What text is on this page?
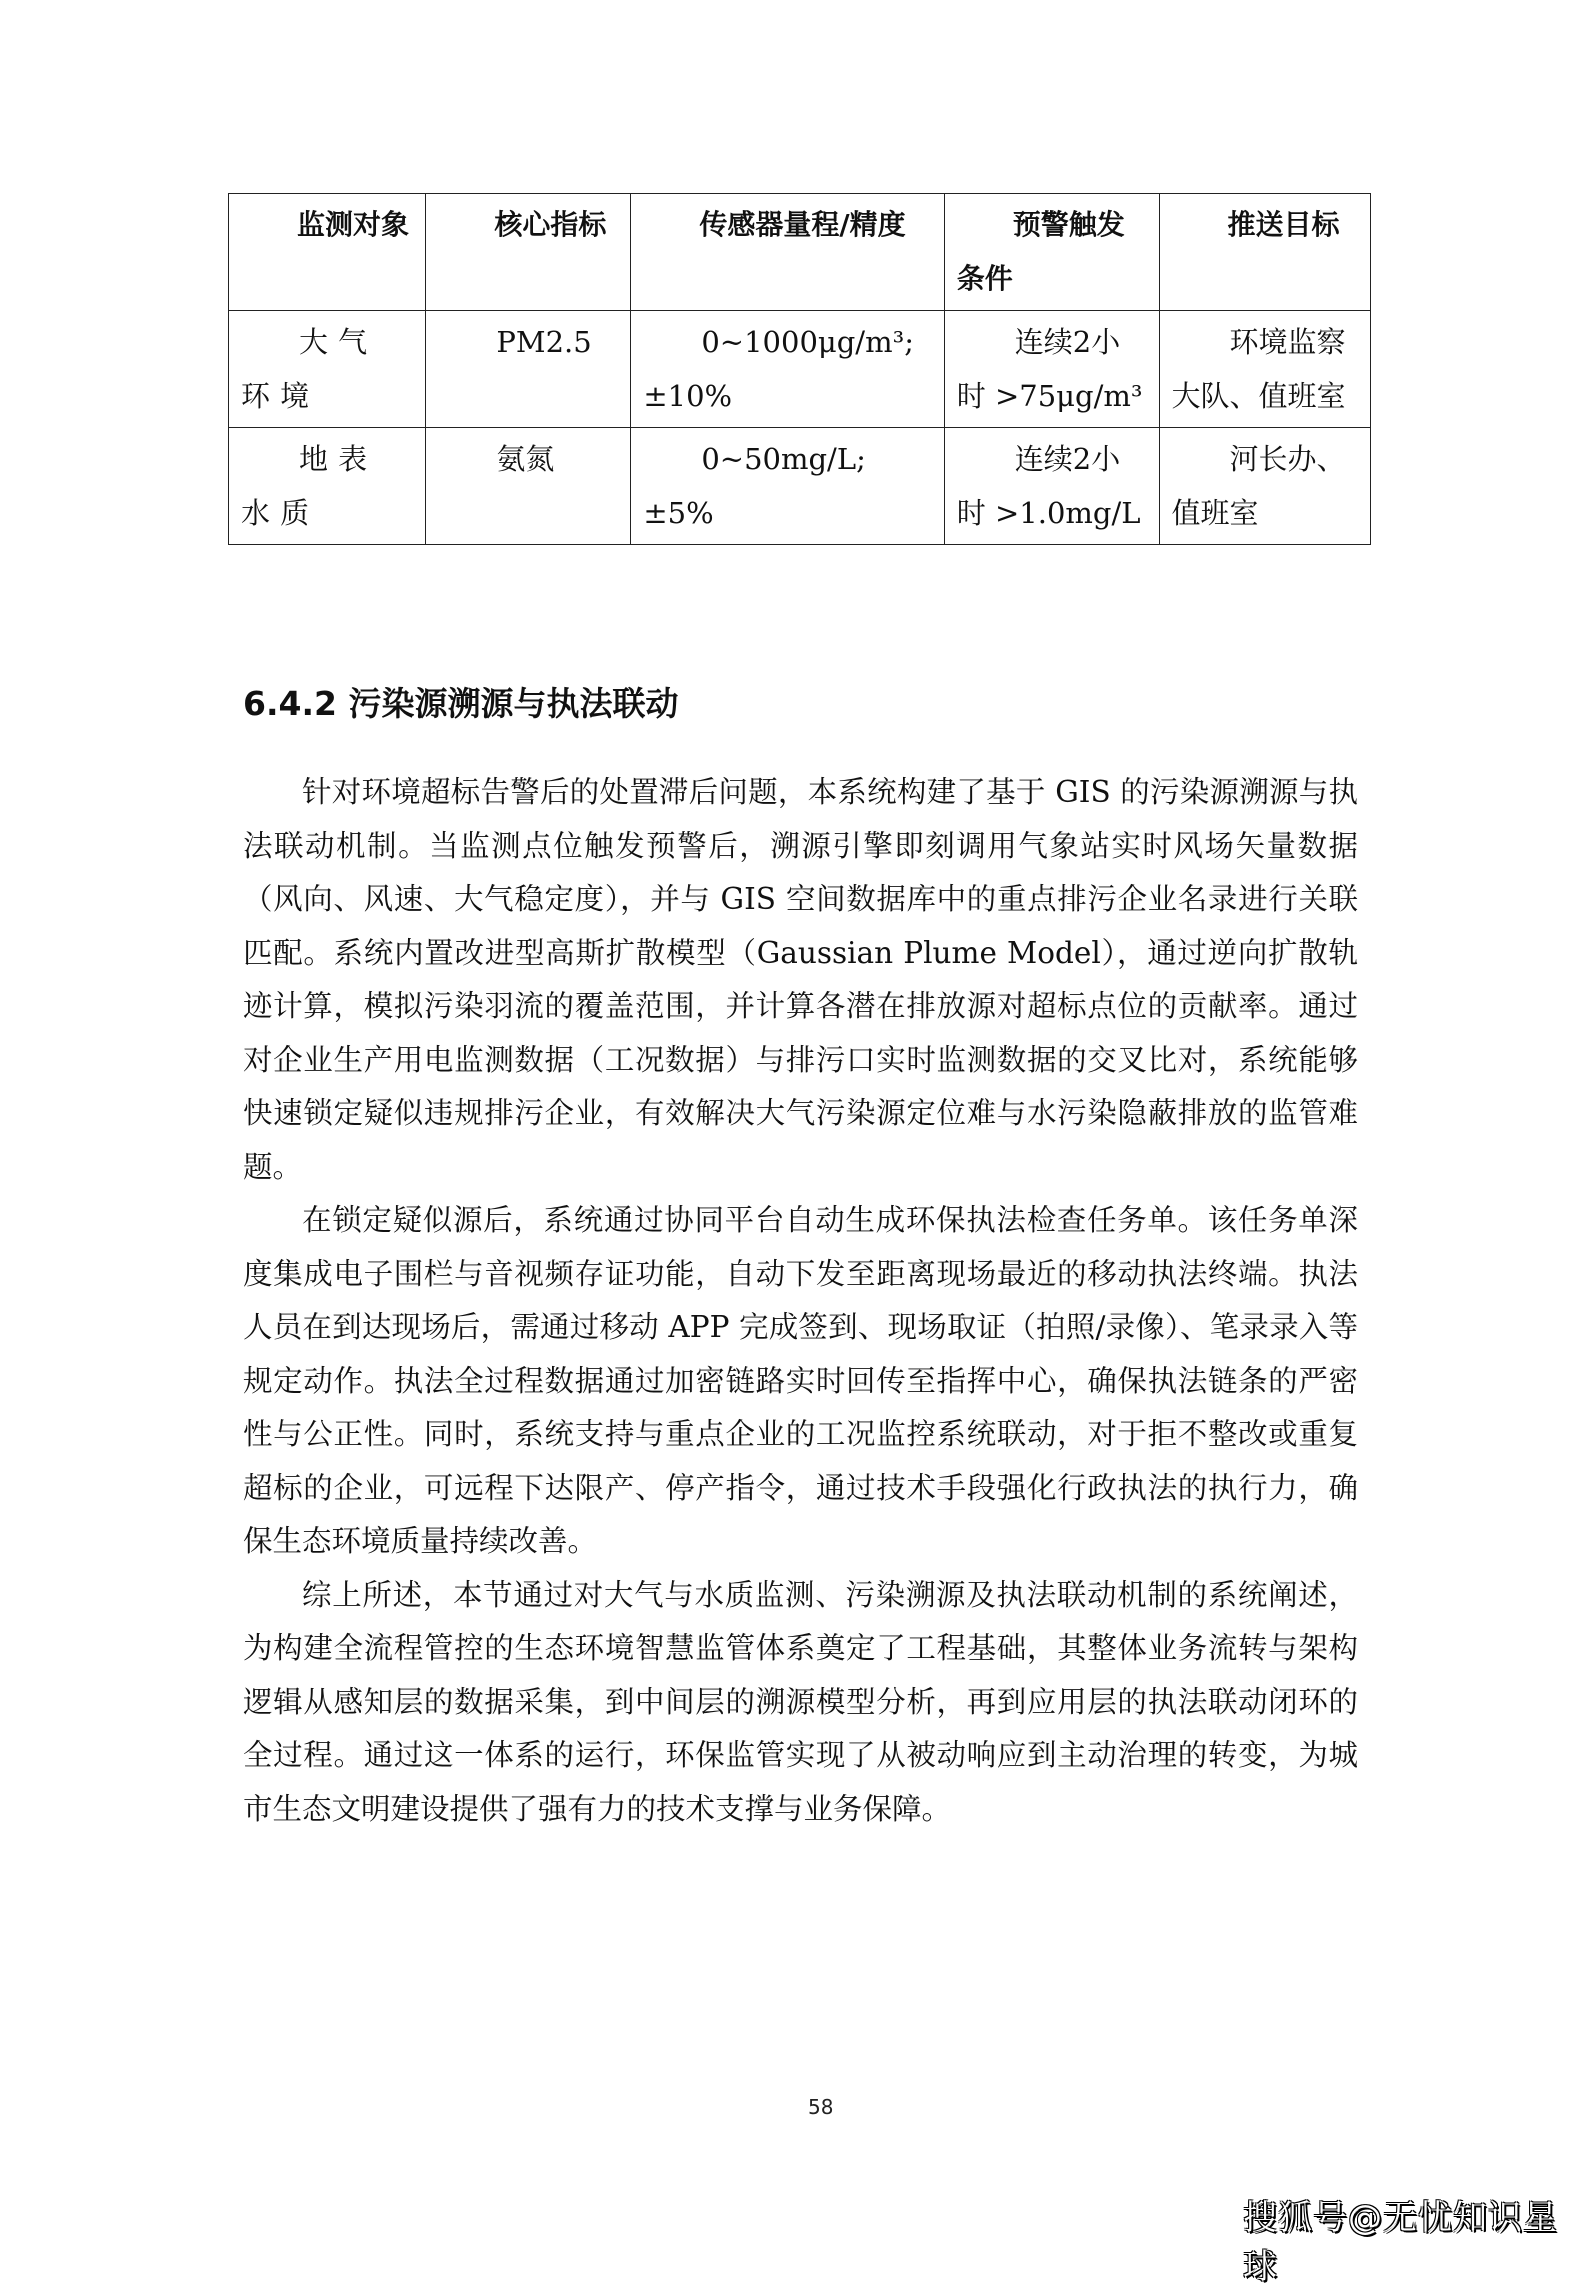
监测对象	核心指标	传感器量程/精度	预警触发条件	推送目标
大气环境	PM2.5	0~1000μg/m³; ±10%	连续2小时 >75μg/m³	环境监察大队、值班室
地表水质	氨氮	0~50mg/L; ±5%	连续2小时 >1.0mg/L	河长办、值班室
6.4.2 污染源溯源与执法联动

针对环境超标告警后的处置滞后问题，本系统构建了基于 GIS 的污染源溯源与执法联动机制。当监测点位触发预警后，溯源引擎即刻调用气象站实时风场矢量数据（风向、风速、大气稳定度），并与 GIS 空间数据库中的重点排污企业名录进行关联匹配。系统内置改进型高斯扩散模型（Gaussian Plume Model），通过逆向扩散轨迹计算，模拟污染羽流的覆盖范围，并计算各潜在排放源对超标点位的贡献率。通过对企业生产用电监测数据（工况数据）与排污口实时监测数据的交叉比对，系统能够快速锁定疑似违规排污企业，有效解决大气污染源定位难与水污染隐蔽排放的监管难题。

在锁定疑似源后，系统通过协同平台自动生成环保执法检查任务单。该任务单深度集成电子围栏与音视频存证功能，自动下发至距离现场最近的移动执法终端。执法人员在到达现场后，需通过移动 APP 完成签到、现场取证（拍照/录像）、笔录录入等规定动作。执法全过程数据通过加密链路实时回传至指挥中心，确保执法链条的严密性与公正性。同时，系统支持与重点企业的工况监控系统联动，对于拒不整改或重复超标的企业，可远程下达限产、停产指令，通过技术手段强化行政执法的执行力，确保生态环境质量持续改善。

综上所述，本节通过对大气与水质监测、污染溯源及执法联动机制的系统阐述，为构建全流程管控的生态环境智慧监管体系奠定了工程基础，其整体业务流转与架构逻辑从感知层的数据采集，到中间层的溯源模型分析，再到应用层的执法联动闭环的全过程。通过这一体系的运行，环保监管实现了从被动响应到主动治理的转变，为城市生态文明建设提供了强有力的技术支撑与业务保障。

58
搜狐号@无忧知识星球
